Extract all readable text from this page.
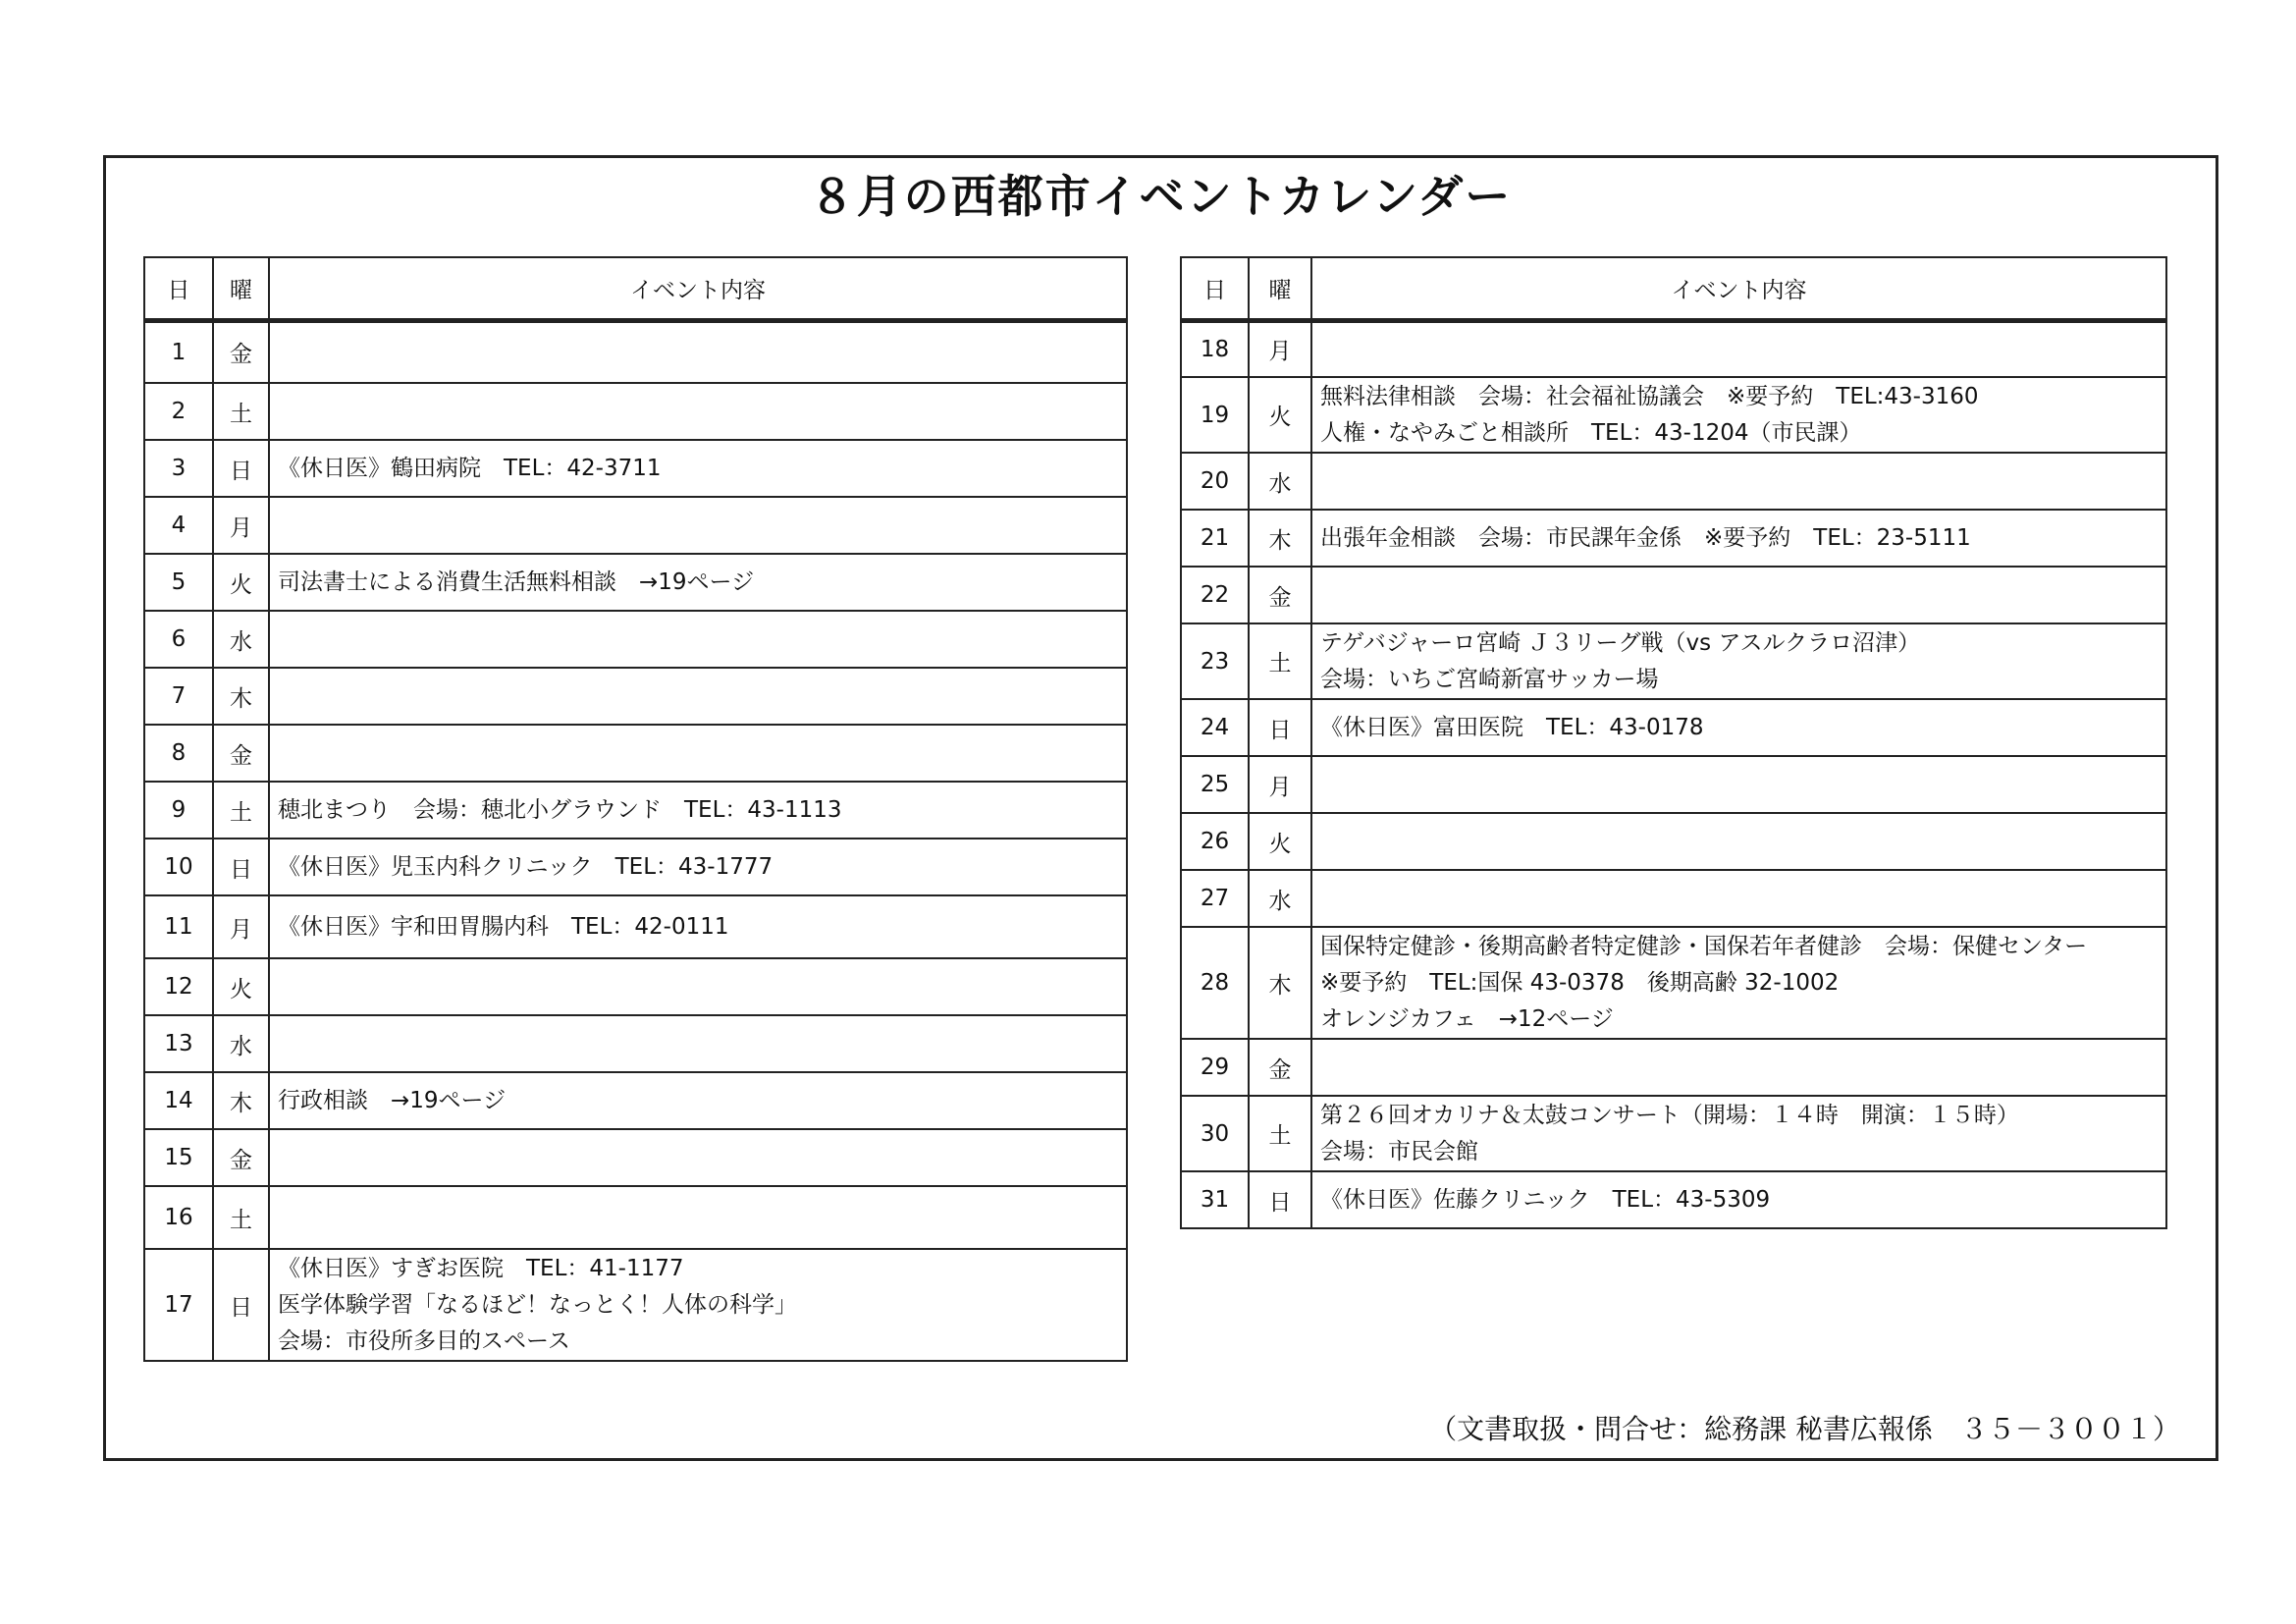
８月の西都市イベントカレンダー
日	曜	イベント内容
1	金	
2	土	
3	日	《休日医》鶴田病院　TEL：42-3711

4	月	
5	火	司法書士による消費生活無料相談　→19ページ

6	水	
7	木	
8	金	
9	土	穂北まつり　会場：穂北小グラウンド　TEL：43-1113

10	日	《休日医》児玉内科クリニック　TEL：43-1777

11	月	《休日医》宇和田胃腸内科　TEL：42-0111

12	火	
13	水	
14	木	行政相談　→19ページ

15	金	
16	土	
17	日	《休日医》すぎお医院　TEL：41-1177
医学体験学習「なるほど！なっとく！人体の科学」
会場：市役所多目的スペース
日	曜	イベント内容
18	月	
19	火	無料法律相談　会場：社会福祉協議会　※要予約　TEL:43-3160
人権・なやみごと相談所　TEL：43-1204（市民課）

20	水	
21	木	出張年金相談　会場：市民課年金係　※要予約　TEL：23-5111

22	金	
23	土	テゲバジャーロ宮崎 Ｊ３リーグ戦（vs アスルクラロ沼津）
会場：いちご宮崎新富サッカー場

24	日	《休日医》富田医院　TEL：43-0178

25	月	
26	火	
27	水	
28	木	国保特定健診・後期高齢者特定健診・国保若年者健診　会場：保健センター
※要予約　TEL:国保 43-0378　後期高齢 32-1002
オレンジカフェ　→12ページ

29	金	
30	土	第２６回オカリナ＆太鼓コンサート（開場：１４時　開演：１５時）
会場：市民会館

31	日	《休日医》佐藤クリニック　TEL：43-5309
（文書取扱・問合せ：総務課 秘書広報係　３５－３００１）
